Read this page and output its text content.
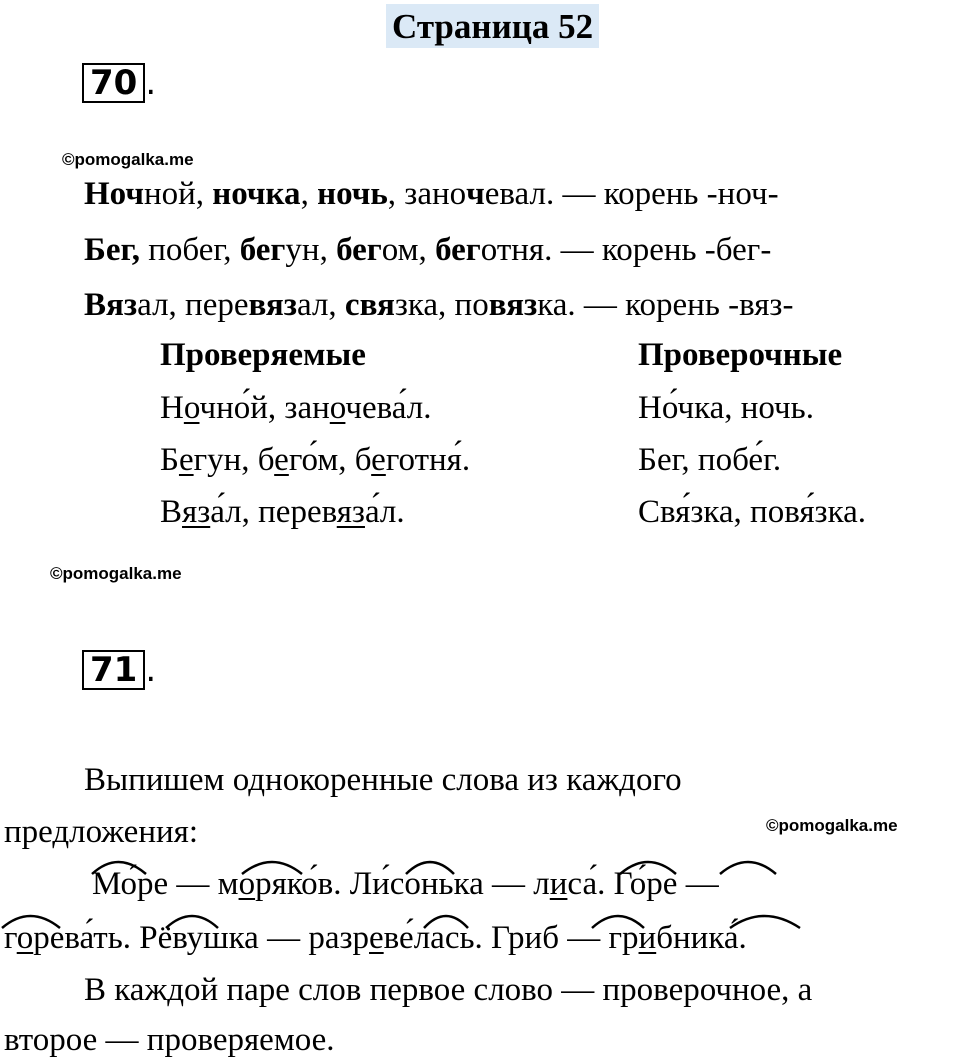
Страница 52
70 .
©pomogalka.me
Ночной, ночка, ночь, заночевал. — корень -ноч-
Бег, побег, бегун, бегом, беготня. — корень -бег-
Вязал, перевязал, связка, повязка. — корень -вяз-
Проверяемые	Проверочные
Ночно́й, заночева́л.
Бегун, бего́м, беготня́.
Вяза́л, перевяза́л.
Но́чка, ночь.
Бег, побе́г.
Свя́зка, повя́зка.
©pomogalka.me
71 .
Выпишем однокоренные слова из каждого
предложения:	©pomogalka.me
Мо́ре — моряко́в. Ли́сонька — лиса́. Го́ре —
горева́ть. Рёвушка — разреве́лась. Гриб — грибника́.
В каждой паре слов первое слово — проверочное, а
второе — проверяемое.
